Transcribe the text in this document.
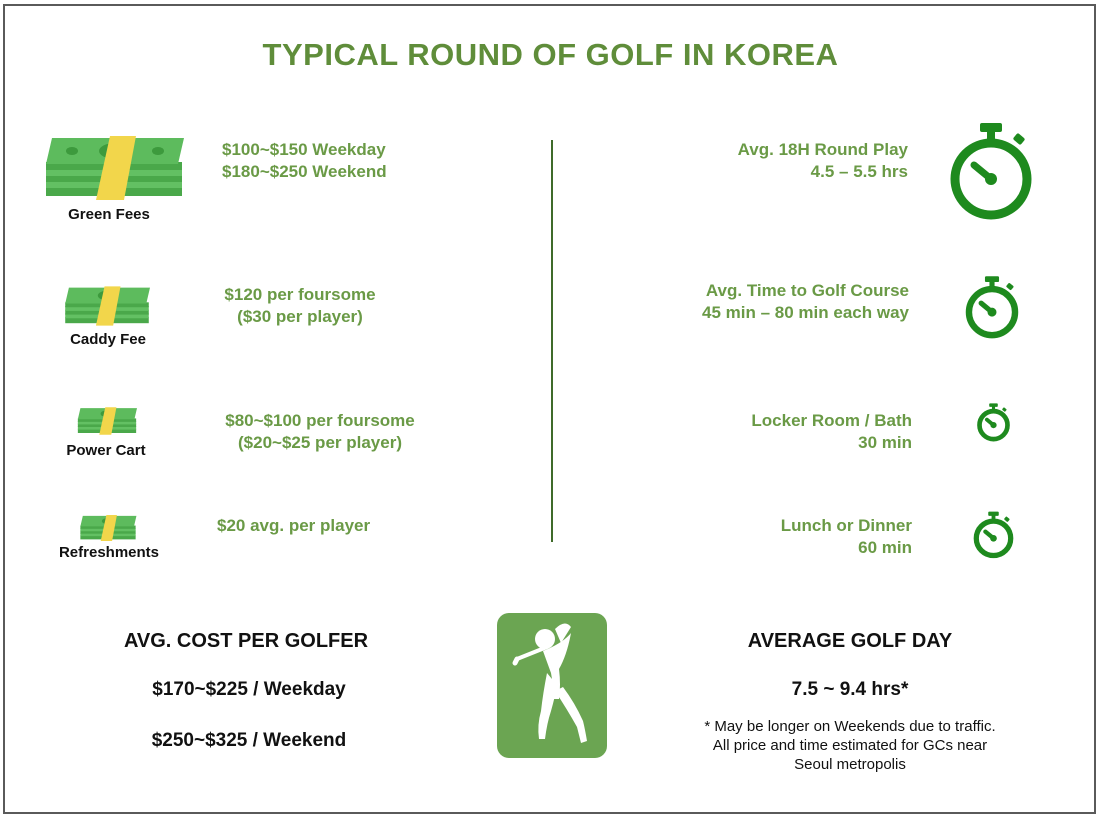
TYPICAL ROUND OF GOLF IN KOREA
Green Fees
$100~$150 Weekday
$180~$250 Weekend
Caddy Fee
$120 per foursome
($30 per player)
Power Cart
$80~$100 per foursome
($20~$25 per player)
Refreshments
$20 avg. per player
Avg. 18H Round Play
4.5 – 5.5 hrs
Avg. Time to Golf Course
45 min – 80 min each way
Locker Room / Bath
30 min
Lunch or Dinner
60 min
AVG. COST PER GOLFER
$170~$225 / Weekday
$250~$325 / Weekend
AVERAGE GOLF DAY
7.5 ~ 9.4 hrs*
* May be longer on Weekends due to traffic.
All price and time estimated for GCs near
Seoul metropolis
